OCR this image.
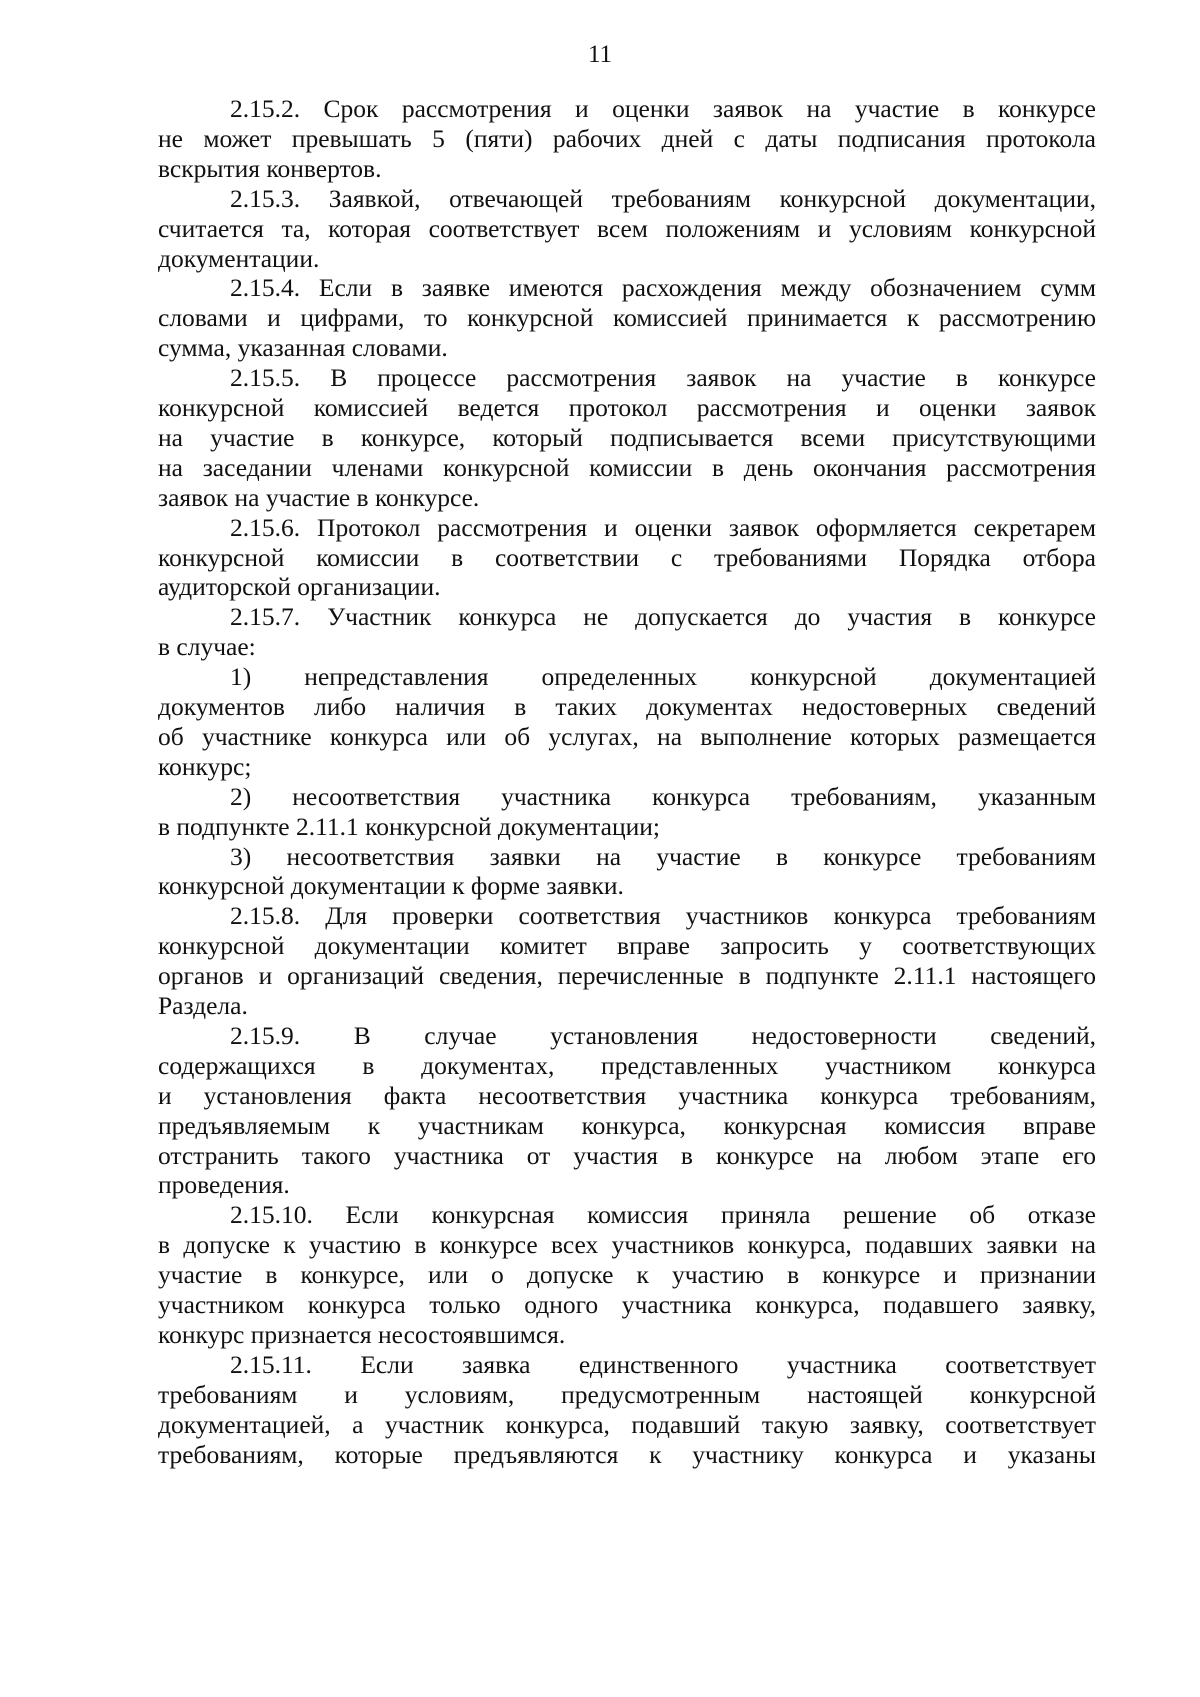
11
2.15.2. Срок рассмотрения и оценки заявок на участие в конкурсе
не может превышать 5 (пяти) рабочих дней с даты подписания протокола
вскрытия конвертов.
2.15.3. Заявкой, отвечающей требованиям конкурсной документации,
считается та, которая соответствует всем положениям и условиям конкурсной
документации.
2.15.4. Если в заявке имеются расхождения между обозначением сумм
словами и цифрами, то конкурсной комиссией принимается к рассмотрению
сумма, указанная словами.
2.15.5. В процессе рассмотрения заявок на участие в конкурсе
конкурсной комиссией ведется протокол рассмотрения и оценки заявок
на участие в конкурсе, который подписывается всеми присутствующими
на заседании членами конкурсной комиссии в день окончания рассмотрения
заявок на участие в конкурсе.
2.15.6. Протокол рассмотрения и оценки заявок оформляется секретарем
конкурсной комиссии в соответствии с требованиями Порядка отбора
аудиторской организации.
2.15.7. Участник конкурса не допускается до участия в конкурсе
в случае:
1) непредставления определенных конкурсной документацией
документов либо наличия в таких документах недостоверных сведений
об участнике конкурса или об услугах, на выполнение которых размещается
конкурс;
2) несоответствия участника конкурса требованиям, указанным
в подпункте 2.11.1 конкурсной документации;
3) несоответствия заявки на участие в конкурсе требованиям
конкурсной документации к форме заявки.
2.15.8. Для проверки соответствия участников конкурса требованиям
конкурсной документации комитет вправе запросить у соответствующих
органов и организаций сведения, перечисленные в подпункте 2.11.1 настоящего
Раздела.
2.15.9. В случае установления недостоверности сведений,
содержащихся в документах, представленных участником конкурса
и установления факта несоответствия участника конкурса требованиям,
предъявляемым к участникам конкурса, конкурсная комиссия вправе
отстранить такого участника от участия в конкурсе на любом этапе его
проведения.
2.15.10. Если конкурсная комиссия приняла решение об отказе
в допуске к участию в конкурсе всех участников конкурса, подавших заявки на
участие в конкурсе, или о допуске к участию в конкурсе и признании
участником конкурса только одного участника конкурса, подавшего заявку,
конкурс признается несостоявшимся.
2.15.11. Если заявка единственного участника соответствует
требованиям и условиям, предусмотренным настоящей конкурсной
документацией, а участник конкурса, подавший такую заявку, соответствует
требованиям, которые предъявляются к участнику конкурса и указаны
